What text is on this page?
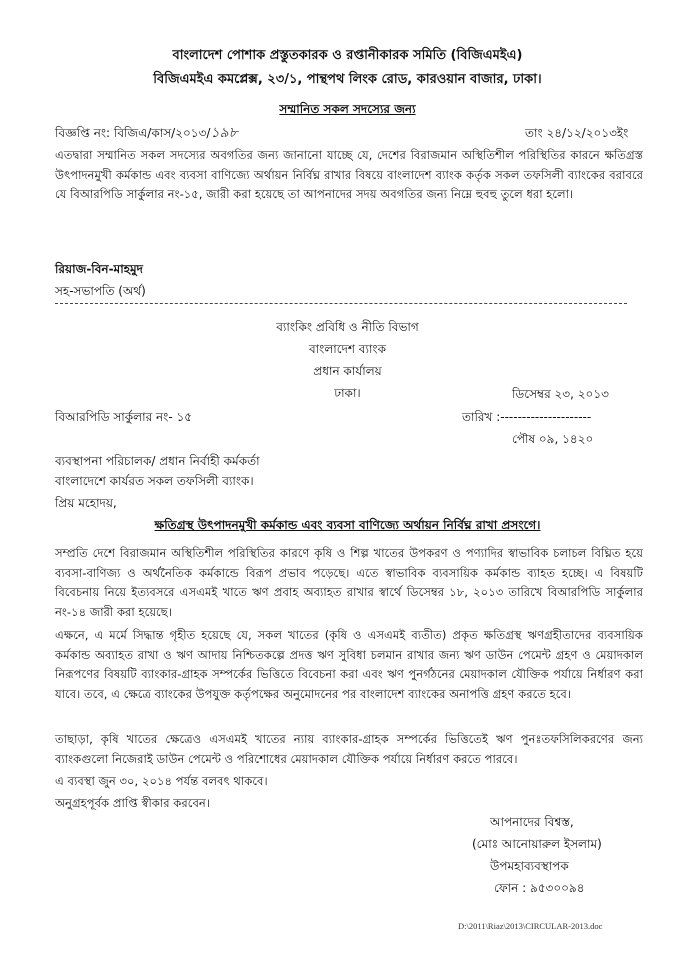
বাংলাদেশ পোশাক প্রস্তুতকারক ও রপ্তানীকারক সমিতি (বিজিএমইএ)
বিজিএমইএ কমপ্লেক্স, ২৩/১, পান্থপথ লিংক রোড, কারওয়ান বাজার, ঢাকা।
সম্মানিত সকল সদস্যের জন্য
বিজ্ঞপ্তি নং: বিজিএ/কাস/২০১৩/১৯৮	তাং ২৪/১২/২০১৩ইং
এতদ্বারা সম্মানিত সকল সদস্যের অবগতির জন্য জানানো যাচ্ছে যে, দেশের বিরাজমান অস্থিতিশীল পরিস্থিতির কারনে ক্ষতিগ্রস্ত উৎপাদনমুখী কর্মকান্ড এবং ব্যবসা বাণিজ্যে অর্থায়ন নির্বিঘ্ন রাখার বিষয়ে বাংলাদেশ ব্যাংক কর্তৃক সকল তফসিলী ব্যাংকের বরাবরে যে বিআরপিডি সার্কুলার নং-১৫, জারী করা হয়েছে তা আপনাদের সদয় অবগতির জন্য নিম্নে হুবহু তুলে ধরা হলো।
রিয়াজ-বিন-মাহমুদ
সহ-সভাপতি (অর্থ)
ব্যাংকিং প্রবিধি ও নীতি বিভাগ
বাংলাদেশ ব্যাংক
প্রধান কার্যালয়
ঢাকা।	ডিসেম্বর ২৩, ২০১৩
বিআরপিডি সার্কুলার নং- ১৫	তারিখ :---------------------
পৌষ ০৯, ১৪২০
ব্যবস্থাপনা পরিচালক/ প্রধান নির্বাহী কর্মকর্তা
বাংলাদেশে কার্যরত সকল তফসিলী ব্যাংক।
প্রিয় মহোদয়,
ক্ষতিগ্রস্থ উৎপাদনমুখী কর্মকান্ড এবং ব্যবসা বাণিজ্যে অর্থায়ন নির্বিঘ্ন রাখা প্রসংগে।
সম্প্রতি দেশে বিরাজমান অস্থিতিশীল পরিস্থিতির কারণে কৃষি ও শিল্প খাতের উপকরণ ও পণ্যাদির স্বাভাবিক চলাচল বিঘ্নিত হয়ে ব্যবসা-বাণিজ্য ও অর্থনৈতিক কর্মকান্ডে বিরূপ প্রভাব পড়েছে। এতে স্বাভাবিক ব্যবসায়িক কর্মকান্ড ব্যাহত হচ্ছে। এ বিষয়টি বিবেচনায় নিয়ে ইত্যবসরে এসএমই খাতে ঋণ প্রবাহ অব্যাহত রাখার স্বার্থে ডিসেম্বর ১৮, ২০১৩ তারিখে বিআরপিডি সার্কুলার নং-১৪ জারী করা হয়েছে।
এক্ষনে, এ মর্মে সিদ্ধান্ত গৃহীত হয়েছে যে, সকল খাতের (কৃষি ও এসএমই ব্যতীত) প্রকৃত ক্ষতিগ্রস্থ ঋণগ্রহীতাদের ব্যবসায়িক কর্মকান্ড অব্যাহত রাখা ও ঋণ আদায় নিশ্চিতকল্পে প্রদত্ত ঋণ সুবিধা চলমান রাখার জন্য ঋণ ডাউন পেমেন্ট গ্রহণ ও মেয়াদকাল নিরূপণের বিষয়টি ব্যাংকার-গ্রাহক সম্পর্কের ভিত্তিতে বিবেচনা করা এবং ঋণ পুনর্গঠনের মেয়াদকাল যৌক্তিক পর্যায়ে নির্ধারণ করা যাবে। তবে, এ ক্ষেত্রে ব্যাংকের উপযুক্ত কর্তৃপক্ষের অনুমোদনের পর বাংলাদেশ ব্যাংকের অনাপত্তি গ্রহণ করতে হবে।
তাছাড়া, কৃষি খাতের ক্ষেত্রেও এসএমই খাতের ন্যায় ব্যাংকার-গ্রাহক সম্পর্কের ভিত্তিতেই ঋণ পুনঃতফসিলিকরণের জন্য ব্যাংকগুলো নিজেরাই ডাউন পেমেন্ট ও পরিশোধের মেয়াদকাল যৌক্তিক পর্যায়ে নির্ধারণ করতে পারবে।
এ ব্যবস্থা জুন ৩০, ২০১৪ পর্যন্ত বলবৎ থাকবে।
অনুগ্রহপূর্বক প্রাপ্তি স্বীকার করবেন।
আপনাদের বিশ্বস্ত,
(মোঃ আনোয়ারুল ইসলাম)
উপমহাব্যবস্থাপক
ফোন : ৯৫৩০০৯৪
D:\2011\Riaz\2013\CIRCULAR-2013.doc
